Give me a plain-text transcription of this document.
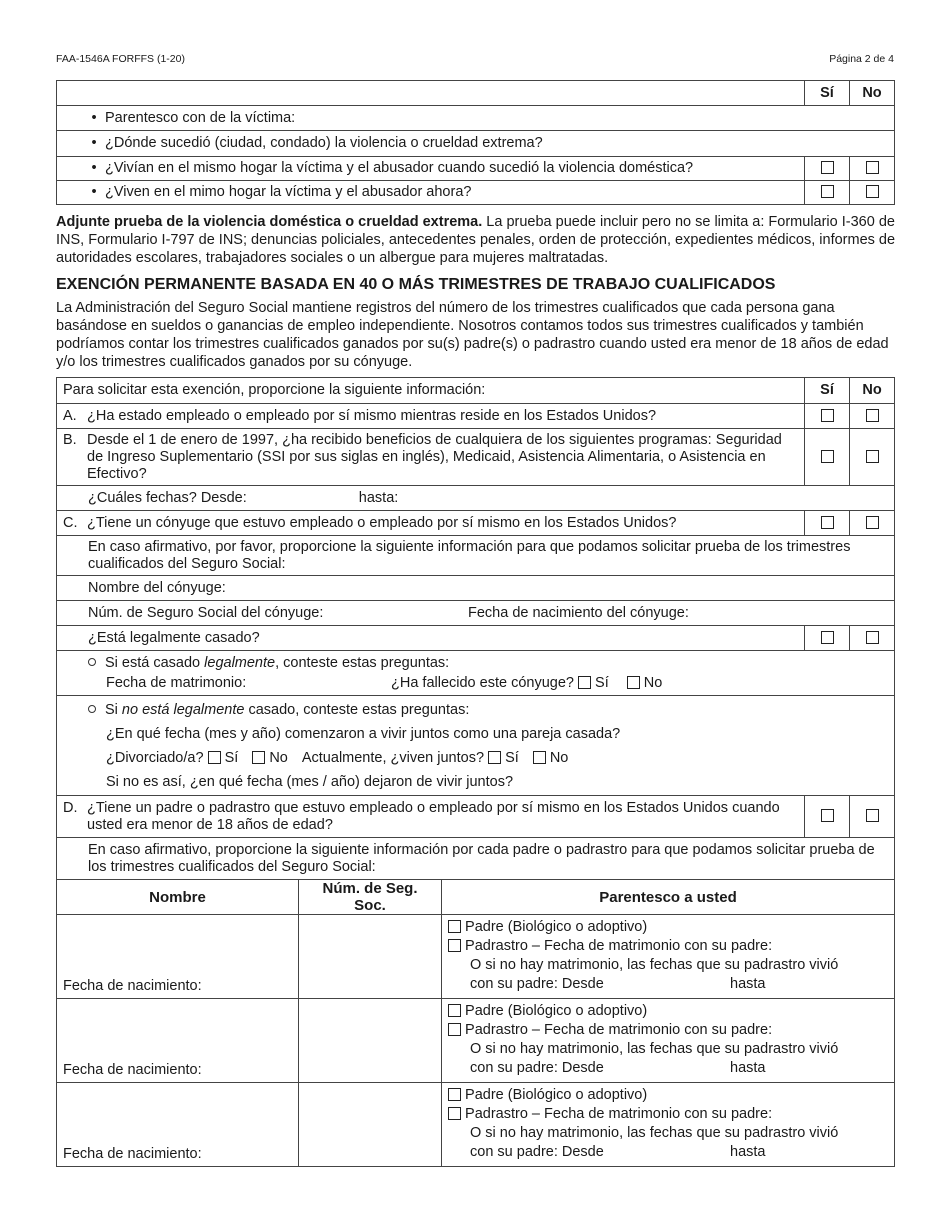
FAA-1546A FORFFS (1-20)	Página 2 de 4
	Sí	No
• Parentesco con de la víctima:		
• ¿Dónde sucedió (ciudad, condado) la violencia o crueldad extrema?		
• ¿Vivían en el mismo hogar la víctima y el abusador cuando sucedió la violencia doméstica?		
• ¿Viven en el mimo hogar la víctima y el abusador ahora?		
Adjunte prueba de la violencia doméstica o crueldad extrema. La prueba puede incluir pero no se limita a: Formulario I-360 de INS, Formulario I-797 de INS; denuncias policiales, antecedentes penales, orden de protección, expedientes médicos, informes de autoridades escolares, trabajadores sociales o un albergue para mujeres maltratadas.
EXENCIÓN PERMANENTE BASADA EN 40 O MÁS TRIMESTRES DE TRABAJO CUALIFICADOS
La Administración del Seguro Social mantiene registros del número de los trimestres cualificados que cada persona gana basándose en sueldos o ganancias de empleo independiente. Nosotros contamos todos sus trimestres cualificados y también podríamos contar los trimestres cualificados ganados por su(s) padre(s) o padrastro cuando usted era menor de 18 años de edad y/o los trimestres cualificados ganados por su cónyuge.
Para solicitar esta exención, proporcione la siguiente información:			Sí	No
A. ¿Ha estado empleado o empleado por sí mismo mientras reside en los Estados Unidos?				

B. Desde el 1 de enero de 1997, ¿ha recibido beneficios de cualquiera de los siguientes programas: Seguridad de Ingreso Suplementario (SSI por sus siglas en inglés), Medicaid, Asistencia Alimentaria, o Asistencia en Efectivo?				

¿Cuáles fechas? Desde: hasta:				
C. ¿Tiene un cónyuge que estuvo empleado o empleado por sí mismo en los Estados Unidos?				
En caso afirmativo, por favor, proporcione la siguiente información para que podamos solicitar prueba de los trimestres cualificados del Seguro Social:				
Nombre del cónyuge:				
Núm. de Seguro Social del cónyuge: Fecha de nacimiento del cónyuge:				
¿Está legalmente casado?				

Si está casado legalmente, conteste estas preguntas:
Fecha de matrimonio: ¿Ha fallecido este cónyuge? Sí No				

Si no está legalmente casado, conteste estas preguntas:
¿En qué fecha (mes y año) comenzaron a vivir juntos como una pareja casada?
¿Divorciado/a? Sí No Actualmente, ¿viven juntos? Sí No
Si no es así, ¿en qué fecha (mes / año) dejaron de vivir juntos?				

D. ¿Tiene un padre o padrastro que estuvo empleado o empleado por sí mismo en los Estados Unidos cuando usted era menor de 18 años de edad?				

En caso afirmativo, proporcione la siguiente información por cada padre o padrastro para que podamos solicitar prueba de los trimestres cualificados del Seguro Social:				
Nombre	Núm. de Seg. Soc.	Parentesco a usted		
Fecha de nacimiento:		Padre (Biológico o adoptivo)
Padrastro – Fecha de matrimonio con su padre:
O si no hay matrimonio, las fechas que su padrastro vivió
con su padre: Desde hasta		

Fecha de nacimiento:		Padre (Biológico o adoptivo)
Padrastro – Fecha de matrimonio con su padre:
O si no hay matrimonio, las fechas que su padrastro vivió
con su padre: Desde hasta		

Fecha de nacimiento:		Padre (Biológico o adoptivo)
Padrastro – Fecha de matrimonio con su padre:
O si no hay matrimonio, las fechas que su padrastro vivió
con su padre: Desde hasta		
